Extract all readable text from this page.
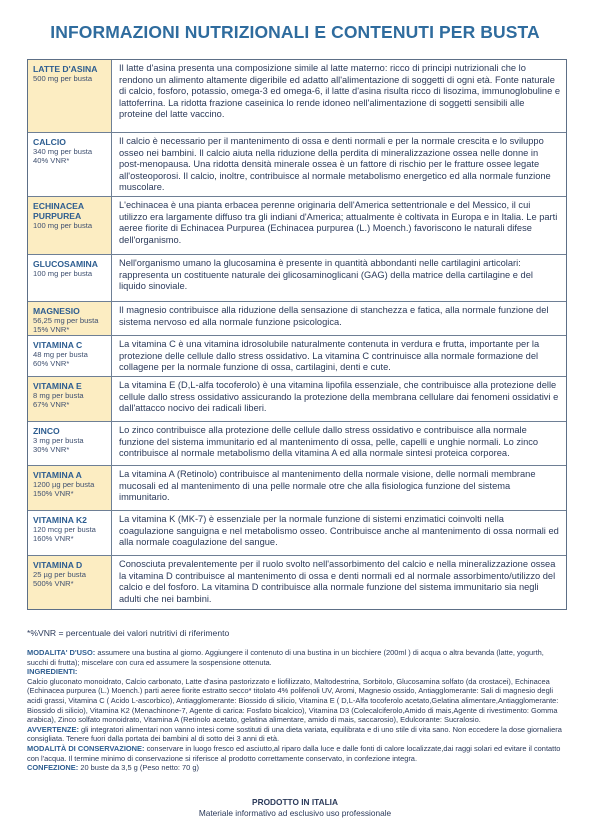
INFORMAZIONI NUTRIZIONALI E CONTENUTI PER BUSTA
LATTE D'ASINA
500 mg per busta
Il latte d'asina presenta una composizione simile al latte materno: ricco di principi nutrizionali che lo rendono un alimento altamente digeribile ed adatto all'alimentazione di soggetti di ogni età. Fonte naturale di calcio, fosforo, potassio, omega-3 ed omega-6, il latte d'asina risulta ricco di lisozima, immunoglobuline e lattoferrina. La ridotta frazione caseinica lo rende idoneo nell'alimentazione di soggetti sensibili alle proteine del latte vaccino.
CALCIO
340 mg per busta
40% VNR*
Il calcio è necessario per il mantenimento di ossa e denti normali e per la normale crescita e lo sviluppo osseo nei bambini. Il calcio aiuta nella riduzione della perdita di mineralizzazione ossea nelle donne in post-menopausa. Una ridotta densità minerale ossea è un fattore di rischio per le fratture ossee legate all'osteoporosi. Il calcio, inoltre, contribuisce al normale metabolismo energetico ed alla normale funzione muscolare.
ECHINACEA PURPUREA
100 mg per busta
L'echinacea è una pianta erbacea perenne originaria dell'America settentrionale e del Messico, il cui utilizzo era largamente diffuso tra gli indiani d'America; attualmente è coltivata in Europa e in Italia. Le parti aeree fiorite di Echinacea Purpurea (Echinacea purpurea (L.) Moench.) favoriscono le naturali difese dell'organismo.
GLUCOSAMINA
100 mg per busta
Nell'organismo umano la glucosamina è presente in quantità abbondanti nelle cartilagini articolari: rappresenta un costituente naturale dei glicosaminoglicani (GAG) della matrice della cartilagine e del liquido sinoviale.
MAGNESIO
56,25 mg per busta
15% VNR*
Il magnesio contribuisce alla riduzione della sensazione di stanchezza e fatica, alla normale funzione del sistema nervoso ed alla normale funzione psicologica.
VITAMINA C
48 mg per busta
60% VNR*
La vitamina C è una vitamina idrosolubile naturalmente contenuta in verdura e frutta, importante per la protezione delle cellule dallo stress ossidativo. La vitamina C contrinuisce alla normale formazione del collagene per la normale funzione di ossa, cartilagini, denti e cute.
VITAMINA E
8 mg per busta
67% VNR*
La vitamina E (D,L-alfa tocoferolo) è una vitamina lipofila essenziale, che contribuisce alla protezione delle cellule dallo stress ossidativo assicurando la protezione della membrana cellulare dai fenomeni ossidativi e dall'attacco nocivo dei radicali liberi.
ZINCO
3 mg per busta
30% VNR*
Lo zinco contribuisce alla protezione delle cellule dallo stress ossidativo e contribuisce alla normale funzione del sistema immunitario ed al mantenimento di ossa, pelle, capelli e unghie normali. Lo zinco contribuisce al normale metabolismo della vitamina A ed alla normale sintesi proteica corporea.
VITAMINA A
1200 µg per busta
150% VNR*
La vitamina A (Retinolo) contribuisce al mantenimento della normale visione, delle normali membrane mucosali ed al mantenimento di una pelle normale otre che alla fisiologica funzione del sistema immunitario.
VITAMINA K2
120 mcg per busta
160% VNR*
La vitamina K (MK-7) è essenziale per la normale funzione di sistemi enzimatici coinvolti nella coagulazione sanguigna e nel metabolismo osseo. Contribuisce anche al mantenimento di ossa normali ed alla normale coagulazione del sangue.
VITAMINA D
25 µg per busta
500% VNR*
Conosciuta prevalentemente per il ruolo svolto nell'assorbimento del calcio e nella mineralizzazione ossea la vitamina D contribuisce al mantenimento di ossa e denti normali ed al normale assorbimento/utilizzo del calcio e del fosforo. La vitamina D contribuisce alla normale funzione del sistema immunitario sia negli adulti che nei bambini.
*%VNR = percentuale dei valori nutritivi di riferimento

MODALITA' D'USO: assumere una bustina al giorno. Aggiungere il contenuto di una bustina in un bicchiere (200ml ) di acqua o altra bevanda (latte, yogurth, succhi di frutta); miscelare con cura ed assumere la sospensione ottenuta.

INGREDIENTI:
Calcio gluconato monoidrato, Calcio carbonato, Latte d'asina pastorizzato e liofilizzato, Maltodestrina, Sorbitolo, Glucosamina solfato (da crostacei), Echinacea (Echinacea purpurea (L.) Moench.) parti aeree fiorite estratto secco* titolato 4% polifenoli UV, Aromi, Magnesio ossido, Antiagglomerante: Sali di magnesio degli acidi grassi, Vitamina C ( Acido L-ascorbico), Antiagglomerante: Biossido di silicio, Vitamina E ( D,L-Alfa tocoferolo acetato,Gelatina alimentare,Antiagglomerante: Biossido di silicio), Vitamina K2 (Menachinone-7, Agente di carica: Fosfato bicalcico), Vitamina D3 (Colecalciferolo,Amido di mais,Agente di rivestimento: Gomma arabica), Zinco solfato monoidrato, Vitamina A (Retinolo acetato, gelatina alimentare, amido di mais, saccarosio), Edulcorante: Sucralosio.

AVVERTENZE: gli integratori alimentari non vanno intesi come sostituti di una dieta variata, equilibrata e di uno stile di vita sano. Non eccedere la dose giornaliera consigliata. Tenere fuori dalla portata dei bambini al di sotto dei 3 anni di età.

MODALITÀ DI CONSERVAZIONE: conservare in luogo fresco ed asciutto,al riparo dalla luce e dalle fonti di calore localizzate,dai raggi solari ed evitare il contatto con l'acqua. Il termine minimo di conservazione si riferisce al prodotto correttamente conservato, in confezione integra.

CONFEZIONE: 20 buste da 3,5 g (Peso netto: 70 g)

PRODOTTO IN ITALIA
Materiale informativo ad esclusivo uso professionale
